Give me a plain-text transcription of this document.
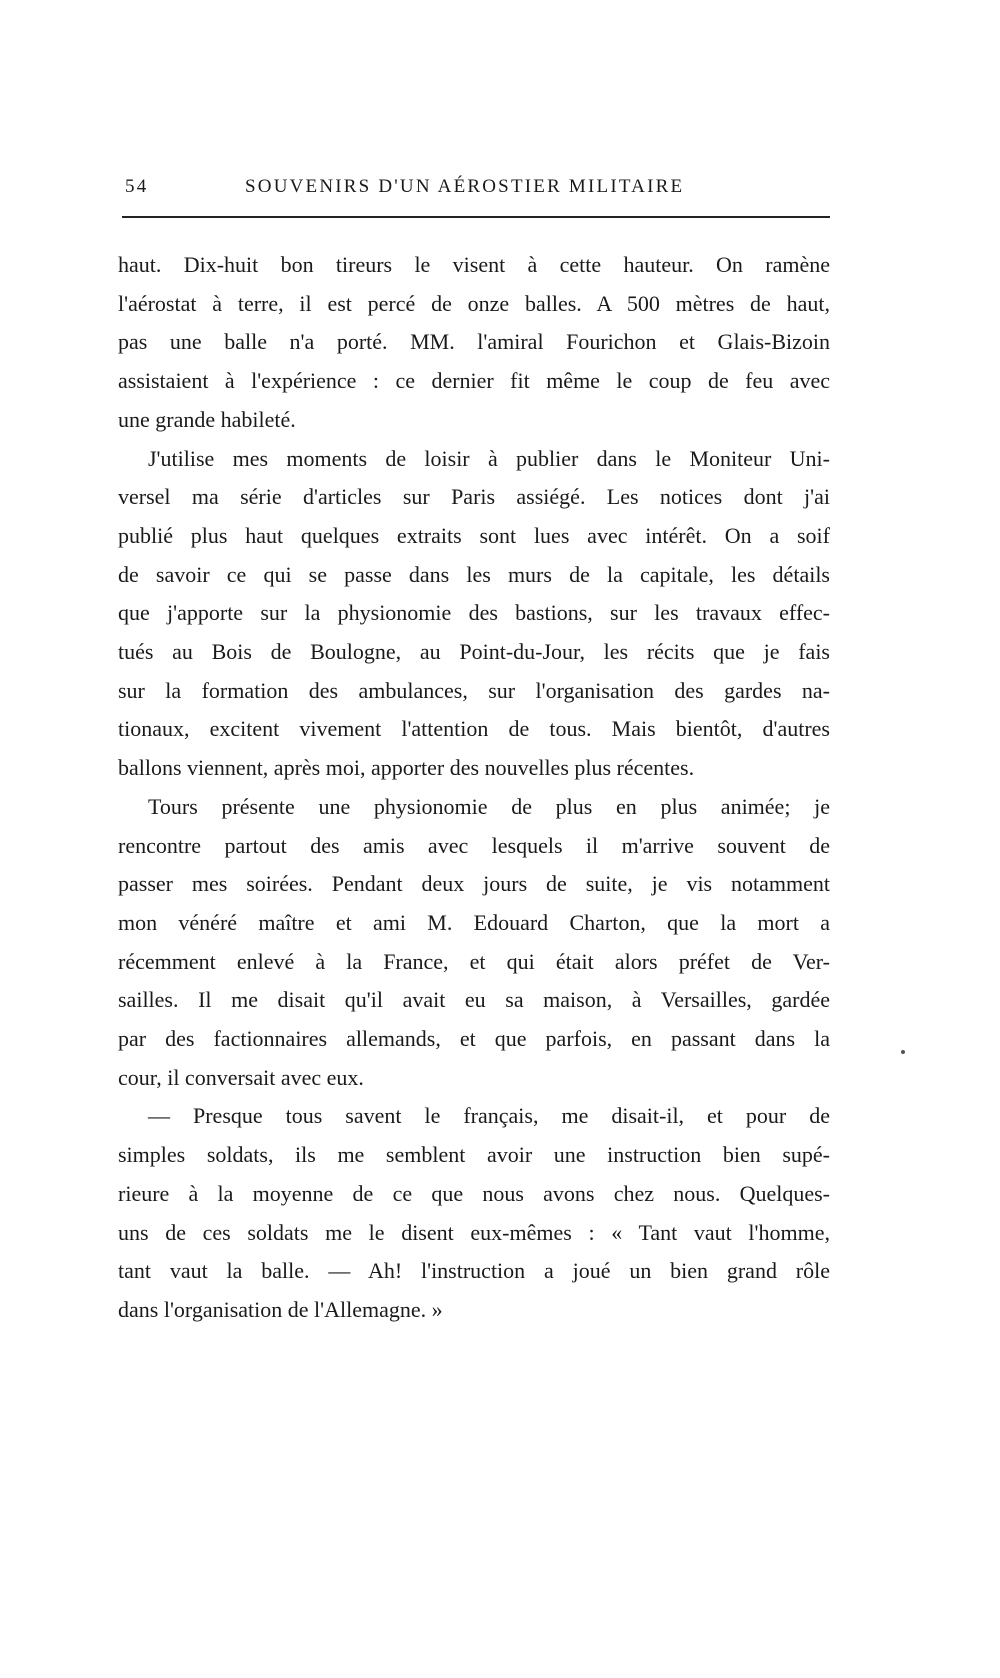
54	SOUVENIRS D'UN AÉROSTIER MILITAIRE
haut. Dix-huit bon tireurs le visent à cette hauteur. On ramène
l'aérostat à terre, il est percé de onze balles. A 500 mètres de haut,
pas une balle n'a porté. MM. l'amiral Fourichon et Glais-Bizoin
assistaient à l'expérience : ce dernier fit même le coup de feu avec
une grande habileté.
J'utilise mes moments de loisir à publier dans le Moniteur Uni-
versel ma série d'articles sur Paris assiégé. Les notices dont j'ai
publié plus haut quelques extraits sont lues avec intérêt. On a soif
de savoir ce qui se passe dans les murs de la capitale, les détails
que j'apporte sur la physionomie des bastions, sur les travaux effec-
tués au Bois de Boulogne, au Point-du-Jour, les récits que je fais
sur la formation des ambulances, sur l'organisation des gardes na-
tionaux, excitent vivement l'attention de tous. Mais bientôt, d'autres
ballons viennent, après moi, apporter des nouvelles plus récentes.
Tours présente une physionomie de plus en plus animée; je
rencontre partout des amis avec lesquels il m'arrive souvent de
passer mes soirées. Pendant deux jours de suite, je vis notamment
mon vénéré maître et ami M. Edouard Charton, que la mort a
récemment enlevé à la France, et qui était alors préfet de Ver-
sailles. Il me disait qu'il avait eu sa maison, à Versailles, gardée
par des factionnaires allemands, et que parfois, en passant dans la
cour, il conversait avec eux.
— Presque tous savent le français, me disait-il, et pour de
simples soldats, ils me semblent avoir une instruction bien supé-
rieure à la moyenne de ce que nous avons chez nous. Quelques-
uns de ces soldats me le disent eux-mêmes : « Tant vaut l'homme,
tant vaut la balle. — Ah! l'instruction a joué un bien grand rôle
dans l'organisation de l'Allemagne. »
